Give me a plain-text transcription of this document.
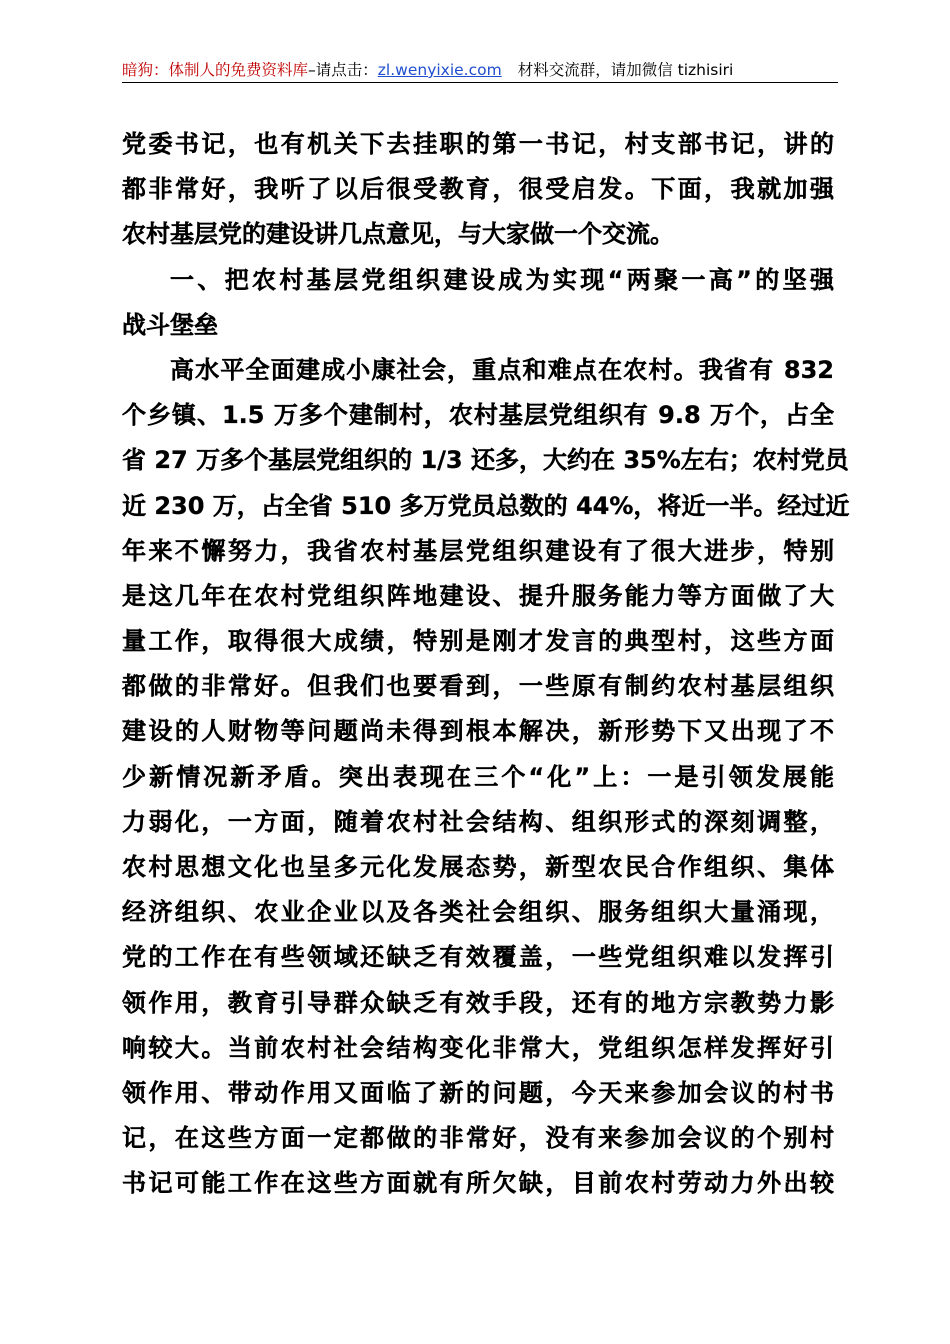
暗狗：体制人的免费资料库–请点击：zl.wenyixie.com 材料交流群，请加微信 tizhisiri
党委书记，也有机关下去挂职的第一书记，村支部书记，讲的
都非常好，我听了以后很受教育，很受启发。下面，我就加强
农村基层党的建设讲几点意见，与大家做一个交流。
一、把农村基层党组织建设成为实现“两聚一高”的坚强
战斗堡垒
高水平全面建成小康社会，重点和难点在农村。我省有 832
个乡镇、1.5 万多个建制村，农村基层党组织有 9.8 万个，占全
省 27 万多个基层党组织的 1/3 还多，大约在 35%左右；农村党员
近 230 万，占全省 510 多万党员总数的 44%，将近一半。经过近
年来不懈努力，我省农村基层党组织建设有了很大进步，特别
是这几年在农村党组织阵地建设、提升服务能力等方面做了大
量工作，取得很大成绩，特别是刚才发言的典型村，这些方面
都做的非常好。但我们也要看到，一些原有制约农村基层组织
建设的人财物等问题尚未得到根本解决，新形势下又出现了不
少新情况新矛盾。突出表现在三个“化”上：一是引领发展能
力弱化，一方面，随着农村社会结构、组织形式的深刻调整，
农村思想文化也呈多元化发展态势，新型农民合作组织、集体
经济组织、农业企业以及各类社会组织、服务组织大量涌现，
党的工作在有些领域还缺乏有效覆盖，一些党组织难以发挥引
领作用，教育引导群众缺乏有效手段，还有的地方宗教势力影
响较大。当前农村社会结构变化非常大，党组织怎样发挥好引
领作用、带动作用又面临了新的问题，今天来参加会议的村书
记，在这些方面一定都做的非常好，没有来参加会议的个别村
书记可能工作在这些方面就有所欠缺，目前农村劳动力外出较
